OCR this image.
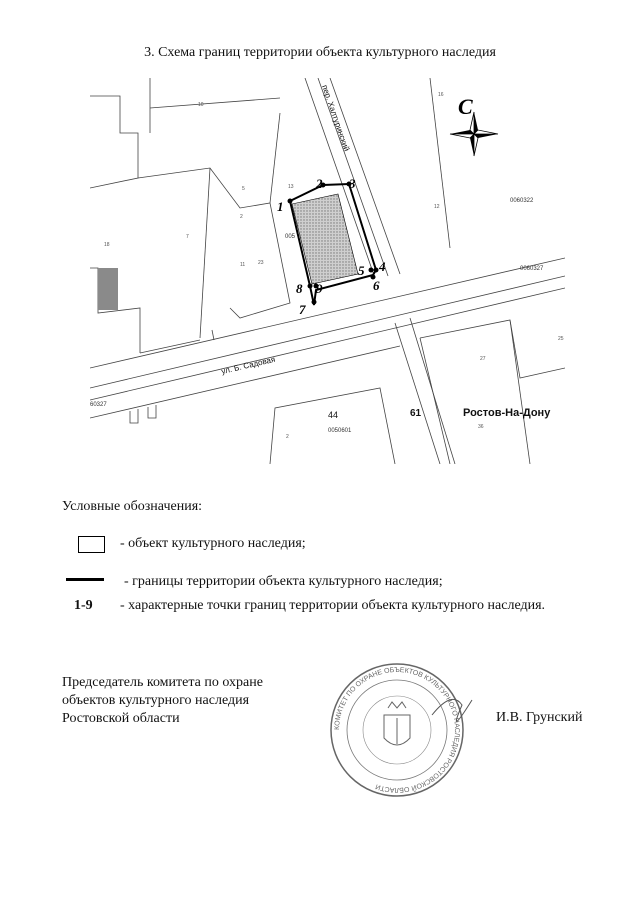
3. Схема границ территории объекта культурного наследия
1
2 3
4
5
6
7
8 9
С
пер. Халтуринский
ул. Б. Садовая
Ростов-На-Дону
61
44
0060322
0060327
0050601
60327
005
10
13
5
7
27
18
11	23
16
12
2
2
25
36
Условные обозначения:
- объект культурного наследия;
- границы территории объекта культурного наследия;
1-9 - характерные точки границ территории объекта культурного наследия.
Председатель комитета по охране
объектов культурного наследия
Ростовской области
КОМИТЕТ ПО ОХРАНЕ ОБЪЕКТОВ КУЛЬТУРНОГО НАСЛЕДИЯ РОСТОВСКОЙ ОБЛАСТИ
И.В. Грунский
